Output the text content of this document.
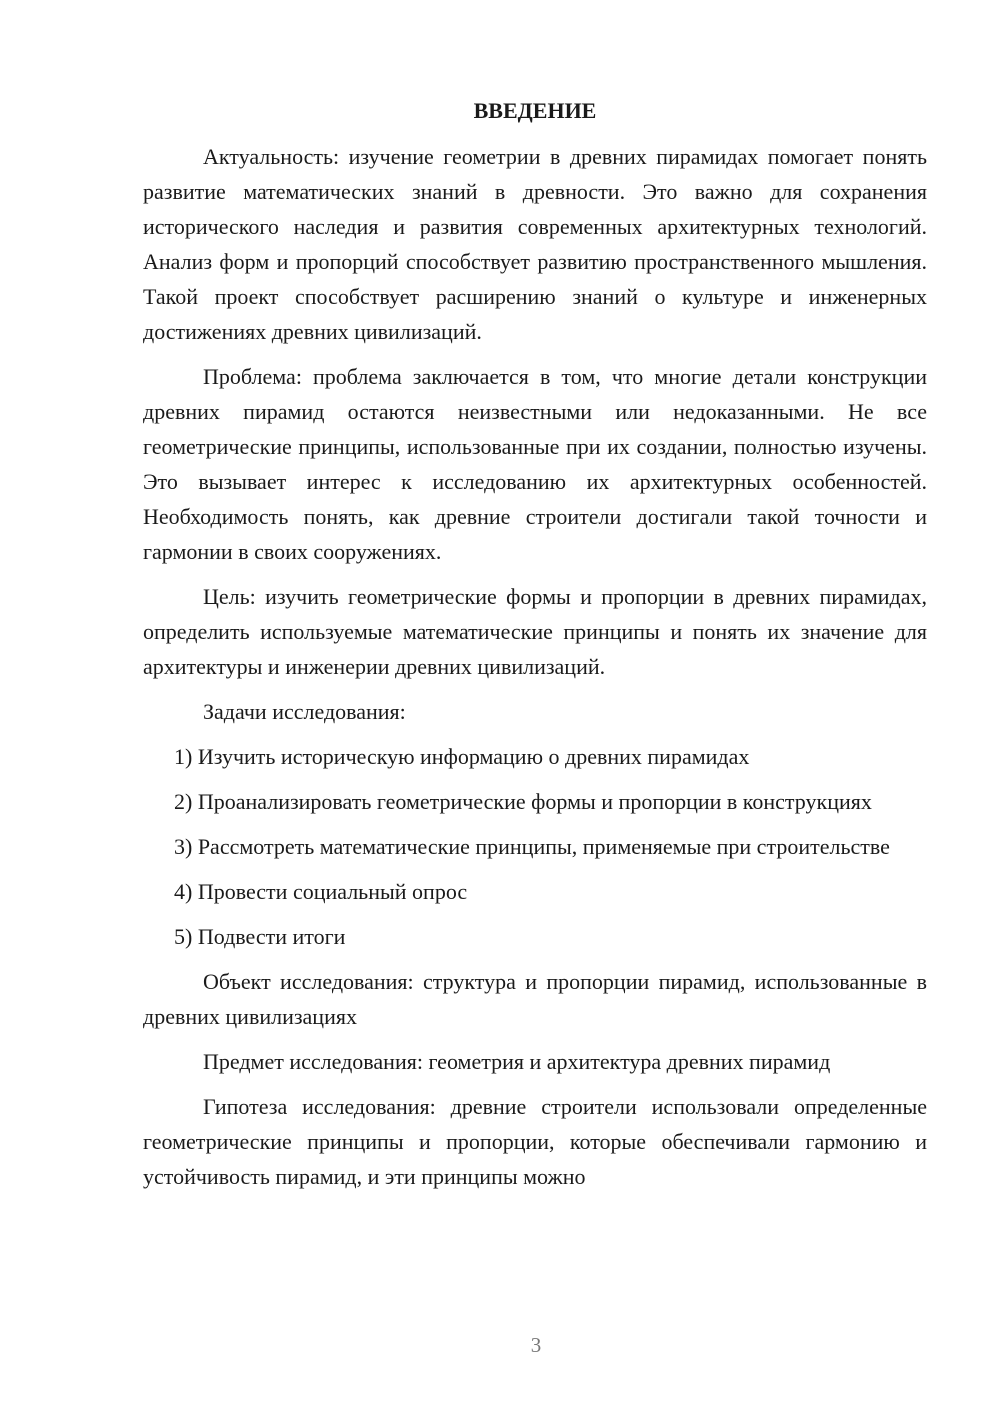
ВВЕДЕНИЕ
Актуальность: изучение геометрии в древних пирамидах помогает понять развитие математических знаний в древности. Это важно для сохранения исторического наследия и развития современных архитектурных технологий. Анализ форм и пропорций способствует развитию пространственного мышления. Такой проект способствует расширению знаний о культуре и инженерных достижениях древних цивилизаций.
Проблема: проблема заключается в том, что многие детали конструкции древних пирамид остаются неизвестными или недоказанными. Не все геометрические принципы, использованные при их создании, полностью изучены. Это вызывает интерес к исследованию их архитектурных особенностей. Необходимость понять, как древние строители достигали такой точности и гармонии в своих сооружениях.
Цель: изучить геометрические формы и пропорции в древних пирамидах, определить используемые математические принципы и понять их значение для архитектуры и инженерии древних цивилизаций.
Задачи исследования:
1) Изучить историческую информацию о древних пирамидах
2) Проанализировать геометрические формы и пропорции в конструкциях
3) Рассмотреть математические принципы, применяемые при строительстве
4) Провести социальный опрос
5) Подвести итоги
Объект исследования: структура и пропорции пирамид, использованные в древних цивилизациях
Предмет исследования: геометрия и архитектура древних пирамид
Гипотеза исследования: древние строители использовали определенные геометрические принципы и пропорции, которые обеспечивали гармонию и устойчивость пирамид, и эти принципы можно
3
